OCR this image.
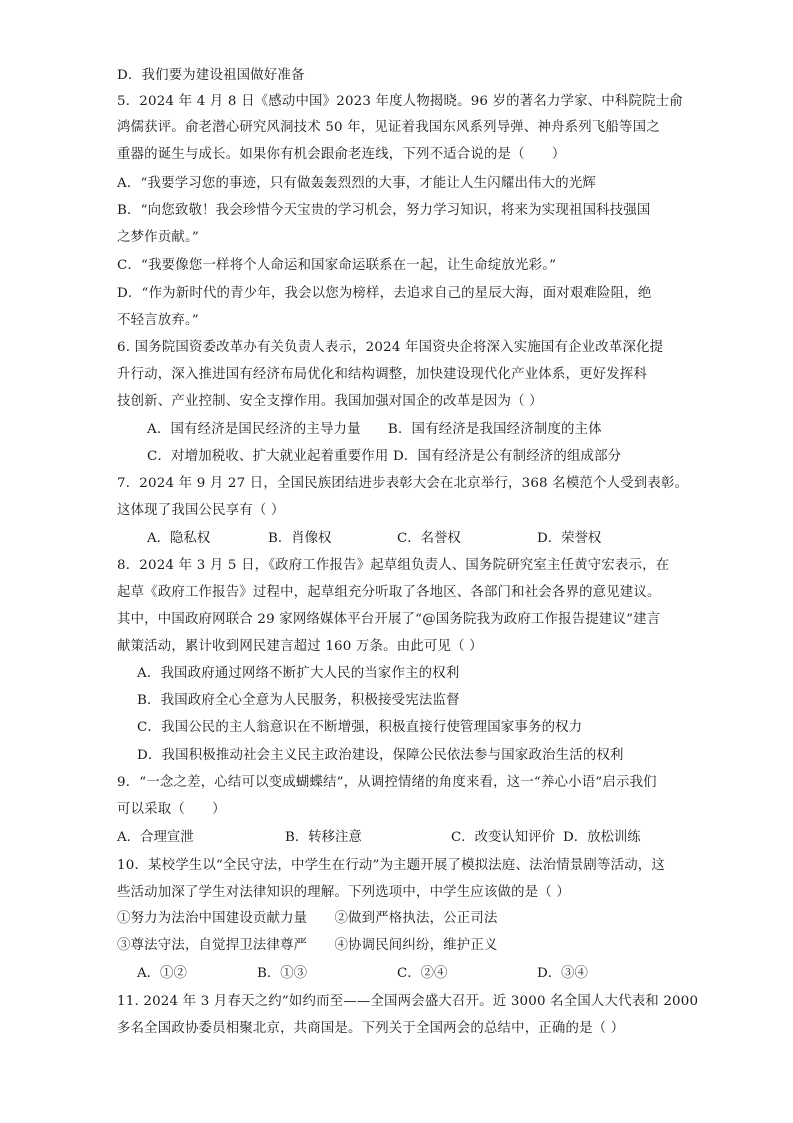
D．我们要为建设祖国做好准备
5．2024 年 4 月 8 日《感动中国》2023 年度人物揭晓。96 岁的著名力学家、中科院院士俞
鸿儒获评。俞老潜心研究风洞技术 50 年，见证着我国东风系列导弹、神舟系列飞船等国之
重器的诞生与成长。如果你有机会跟俞老连线，下列不适合说的是（　　）
A．“我要学习您的事迹，只有做轰轰烈烈的大事，才能让人生闪耀出伟大的光辉
B．“向您致敬！我会珍惜今天宝贵的学习机会，努力学习知识，将来为实现祖国科技强国
之梦作贡献。”
C．“我要像您一样将个人命运和国家命运联系在一起，让生命绽放光彩。”
D．“作为新时代的青少年，我会以您为榜样，去追求自己的星辰大海，面对艰难险阻，绝
不轻言放弃。”
6. 国务院国资委改革办有关负责人表示，2024 年国资央企将深入实施国有企业改革深化提
升行动，深入推进国有经济布局优化和结构调整，加快建设现代化产业体系，更好发挥科
技创新、产业控制、安全支撑作用。我国加强对国企的改革是因为（ ）
A．国有经济是国民经济的主导力量　　B．国有经济是我国经济制度的主体
C．对增加税收、扩大就业起着重要作用 D．国有经济是公有制经济的组成部分
7．2024 年 9 月 27 日，全国民族团结进步表彰大会在北京举行，368 名模范个人受到表彰。
这体现了我国公民享有（ ）
A．隐私权	B．肖像权	C．名誉权	D．荣誉权
8．2024 年 3 月 5 日，《政府工作报告》起草组负责人、国务院研究室主任黄守宏表示，在
起草《政府工作报告》过程中，起草组充分听取了各地区、各部门和社会各界的意见建议。
其中，中国政府网联合 29 家网络媒体平台开展了“@国务院我为政府工作报告提建议”建言
献策活动，累计收到网民建言超过 160 万条。由此可见（ ）
A．我国政府通过网络不断扩大人民的当家作主的权利
B．我国政府全心全意为人民服务，积极接受宪法监督
C．我国公民的主人翁意识在不断增强，积极直接行使管理国家事务的权力
D．我国积极推动社会主义民主政治建设，保障公民依法参与国家政治生活的权利
9．“一念之差，心结可以变成蝴蝶结”，从调控情绪的角度来看，这一“养心小语”启示我们
可以采取（　　）
A．合理宣泄	B．转移注意	C．改变认知评价 D．放松训练
10．某校学生以“全民守法，中学生在行动”为主题开展了模拟法庭、法治情景剧等活动，这
些活动加深了学生对法律知识的理解。下列选项中，中学生应该做的是（ ）
①努力为法治中国建设贡献力量　　②做到严格执法，公正司法
③尊法守法，自觉捍卫法律尊严　　④协调民间纠纷，维护正义
A．①②	B．①③	C．②④	D．③④
11. 2024 年 3 月春天之约”如约而至——全国两会盛大召开。近 3000 名全国人大代表和 2000
多名全国政协委员相聚北京，共商国是。下列关于全国两会的总结中，正确的是（ ）
